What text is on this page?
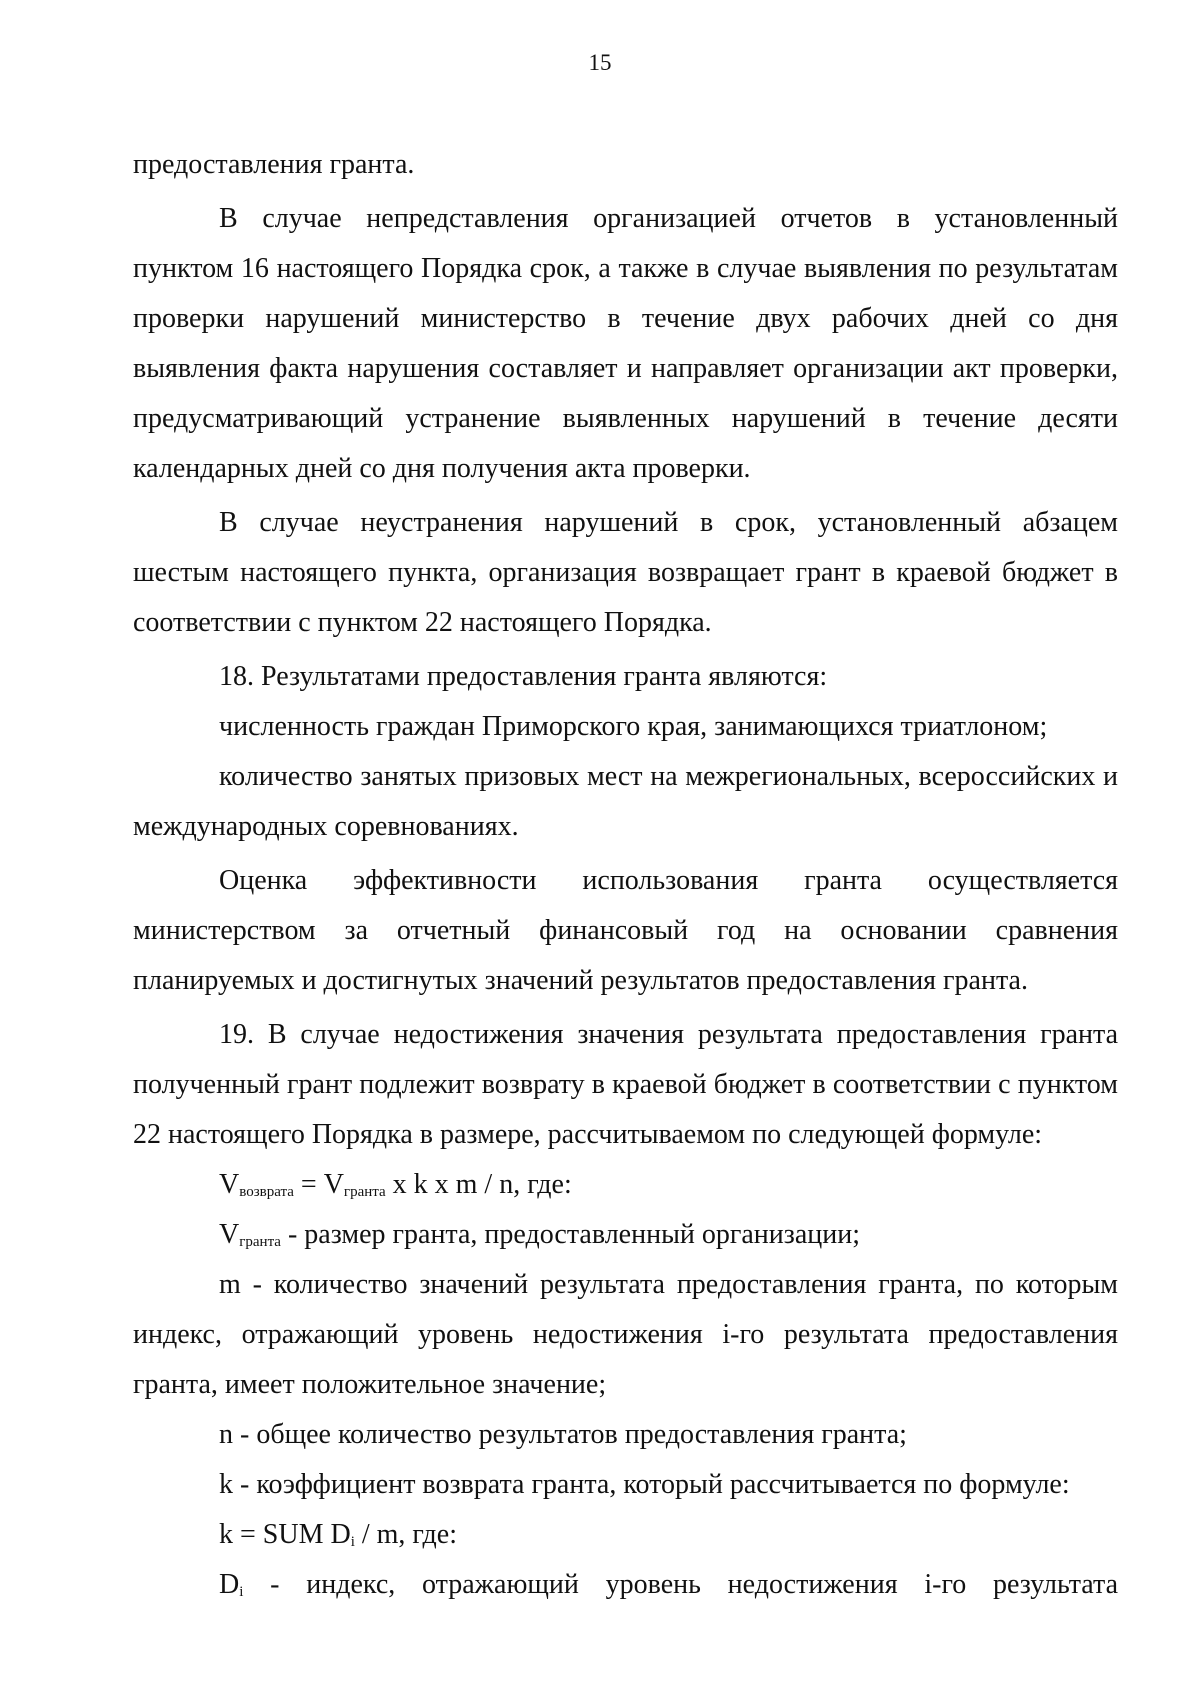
15

предоставления гранта.

В случае непредставления организацией отчетов в установленный пунктом 16 настоящего Порядка срок, а также в случае выявления по результатам проверки нарушений министерство в течение двух рабочих дней со дня выявления факта нарушения составляет и направляет организации акт проверки, предусматривающий устранение выявленных нарушений в течение десяти календарных дней со дня получения акта проверки.

В случае неустранения нарушений в срок, установленный абзацем шестым настоящего пункта, организация возвращает грант в краевой бюджет в соответствии с пунктом 22 настоящего Порядка.

18. Результатами предоставления гранта являются:

численность граждан Приморского края, занимающихся триатлоном;

количество занятых призовых мест на межрегиональных, всероссийских и международных соревнованиях.

Оценка эффективности использования гранта осуществляется министерством за отчетный финансовый год на основании сравнения планируемых и достигнутых значений результатов предоставления гранта.

19. В случае недостижения значения результата предоставления гранта полученный грант подлежит возврату в краевой бюджет в соответствии с пунктом 22 настоящего Порядка в размере, рассчитываемом по следующей формуле:

$V_{возврата} = V_{гранта}$ x k x m / n, где:

$V_{гранта}$ - размер гранта, предоставленный организации;

m - количество значений результата предоставления гранта, по которым индекс, отражающий уровень недостижения i-го результата предоставления гранта, имеет положительное значение;

n - общее количество результатов предоставления гранта;

k - коэффициент возврата гранта, который рассчитывается по формуле:

k = SUM $D_i$ / m, где:

$D_i$ - индекс, отражающий уровень недостижения i-го результата
